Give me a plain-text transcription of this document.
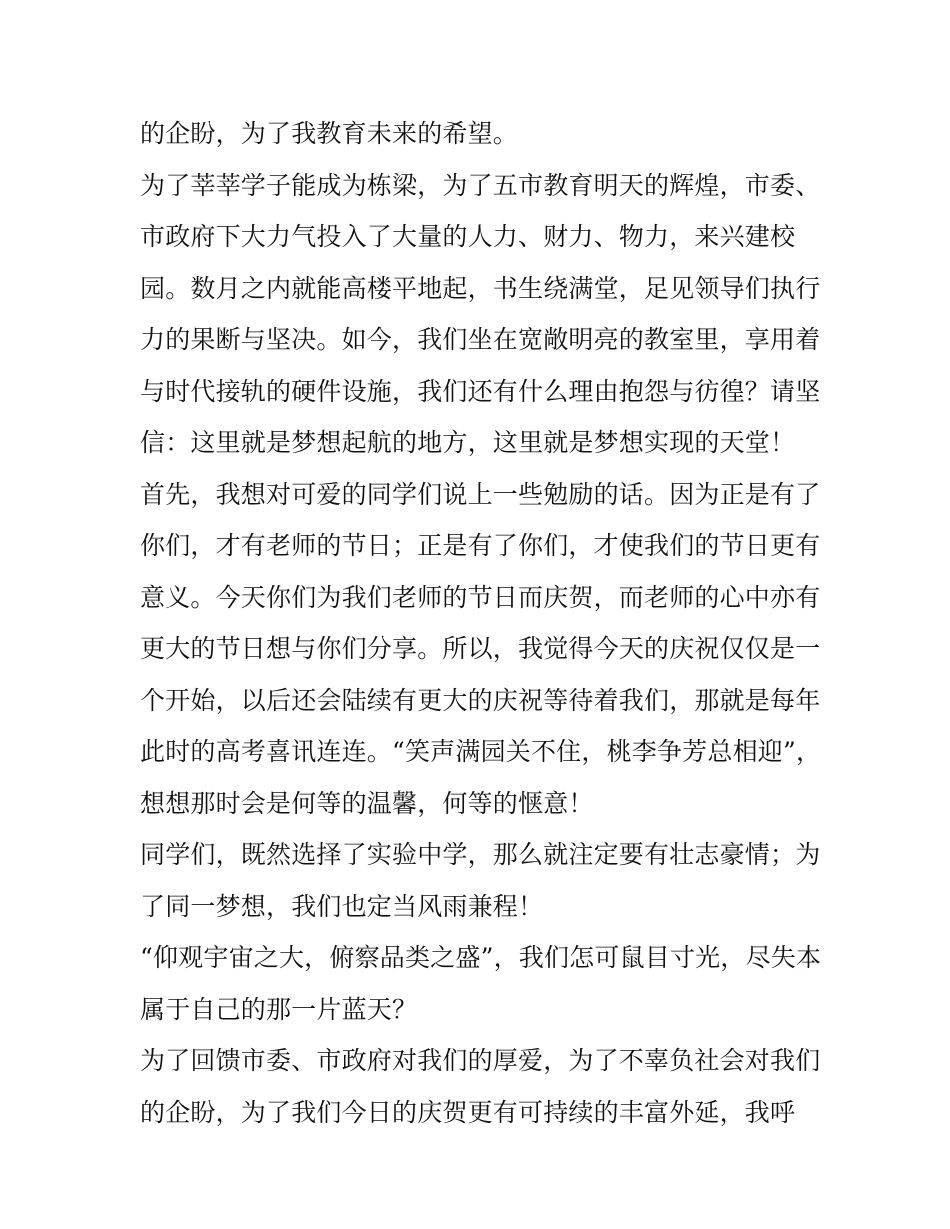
的企盼，为了我教育未来的希望。
为了莘莘学子能成为栋梁，为了五市教育明天的辉煌，市委、
市政府下大力气投入了大量的人力、财力、物力，来兴建校
园。数月之内就能高楼平地起，书生绕满堂，足见领导们执行
力的果断与坚决。如今，我们坐在宽敞明亮的教室里，享用着
与时代接轨的硬件设施，我们还有什么理由抱怨与彷徨？请坚
信：这里就是梦想起航的地方，这里就是梦想实现的天堂！
首先，我想对可爱的同学们说上一些勉励的话。因为正是有了
你们，才有老师的节日；正是有了你们，才使我们的节日更有
意义。今天你们为我们老师的节日而庆贺，而老师的心中亦有
更大的节日想与你们分享。所以，我觉得今天的庆祝仅仅是一
个开始，以后还会陆续有更大的庆祝等待着我们，那就是每年
此时的高考喜讯连连。“笑声满园关不住，桃李争芳总相迎”，
想想那时会是何等的温馨，何等的惬意！
同学们，既然选择了实验中学，那么就注定要有壮志豪情；为
了同一梦想，我们也定当风雨兼程！
“仰观宇宙之大，俯察品类之盛”，我们怎可鼠目寸光，尽失本
属于自己的那一片蓝天？
为了回馈市委、市政府对我们的厚爱，为了不辜负社会对我们
的企盼，为了我们今日的庆贺更有可持续的丰富外延，我呼
